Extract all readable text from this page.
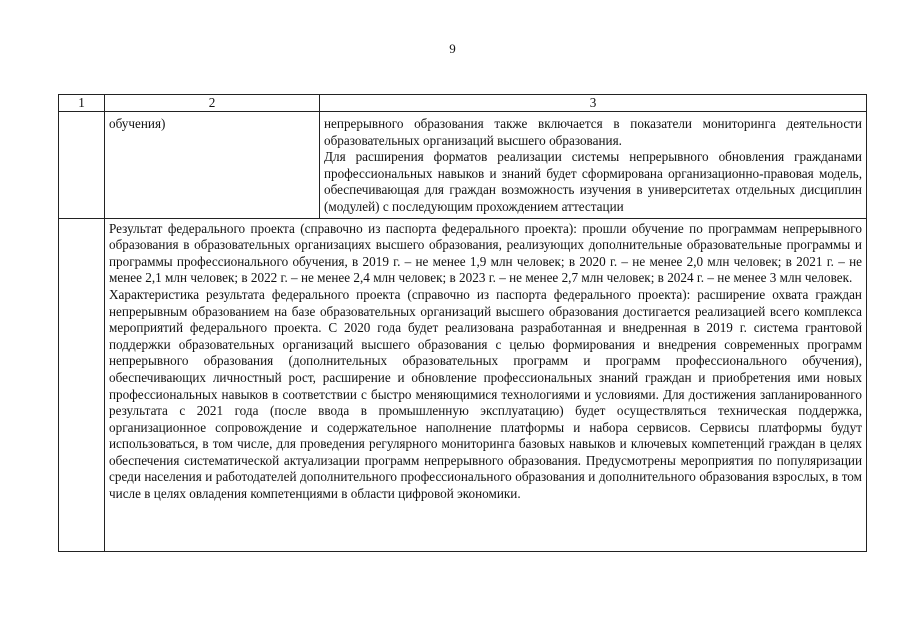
9
1	2	3
	обучения)	непрерывного образования также включается в показатели мониторинга деятельности образовательных организаций высшего образования.

Для расширения форматов реализации системы непрерывного обновления гражданами профессиональных навыков и знаний будет сформирована организационно-правовая модель, обеспечивающая для граждан возможность изучения в университетах отдельных дисциплин (модулей) с последующим прохождением аттестации

	Результат федерального проекта (справочно из паспорта федерального проекта): прошли обучение по программам непрерывного образования в образовательных организациях высшего образования, реализующих дополнительные образовательные программы и программы профессионального обучения, в 2019 г. – не менее 1,9 млн человек; в 2020 г. – не менее 2,0 млн человек; в 2021 г. – не менее 2,1 млн человек; в 2022 г. – не менее 2,4 млн человек; в 2023 г. – не менее 2,7 млн человек; в 2024 г. – не менее 3 млн человек.

Характеристика результата федерального проекта (справочно из паспорта федерального проекта): расширение охвата граждан непрерывным образованием на базе образовательных организаций высшего образования достигается реализацией всего комплекса мероприятий федерального проекта. С 2020 года будет реализована разработанная и внедренная в 2019 г. система грантовой поддержки образовательных организаций высшего образования с целью формирования и внедрения современных программ непрерывного образования (дополнительных образовательных программ и программ профессионального обучения), обеспечивающих личностный рост, расширение и обновление профессиональных знаний граждан и приобретения ими новых профессиональных навыков в соответствии с быстро меняющимися технологиями и условиями. Для достижения запланированного результата с 2021 года (после ввода в промышленную эксплуатацию) будет осуществляться техническая поддержка, организационное сопровождение и содержательное наполнение платформы и набора сервисов. Сервисы платформы будут использоваться, в том числе, для проведения регулярного мониторинга базовых навыков и ключевых компетенций граждан в целях обеспечения систематической актуализации программ непрерывного образования. Предусмотрены мероприятия по популяризации среди населения и работодателей дополнительного профессионального образования и дополнительного образования взрослых, в том числе в целях овладения компетенциями в области цифровой экономики.	
